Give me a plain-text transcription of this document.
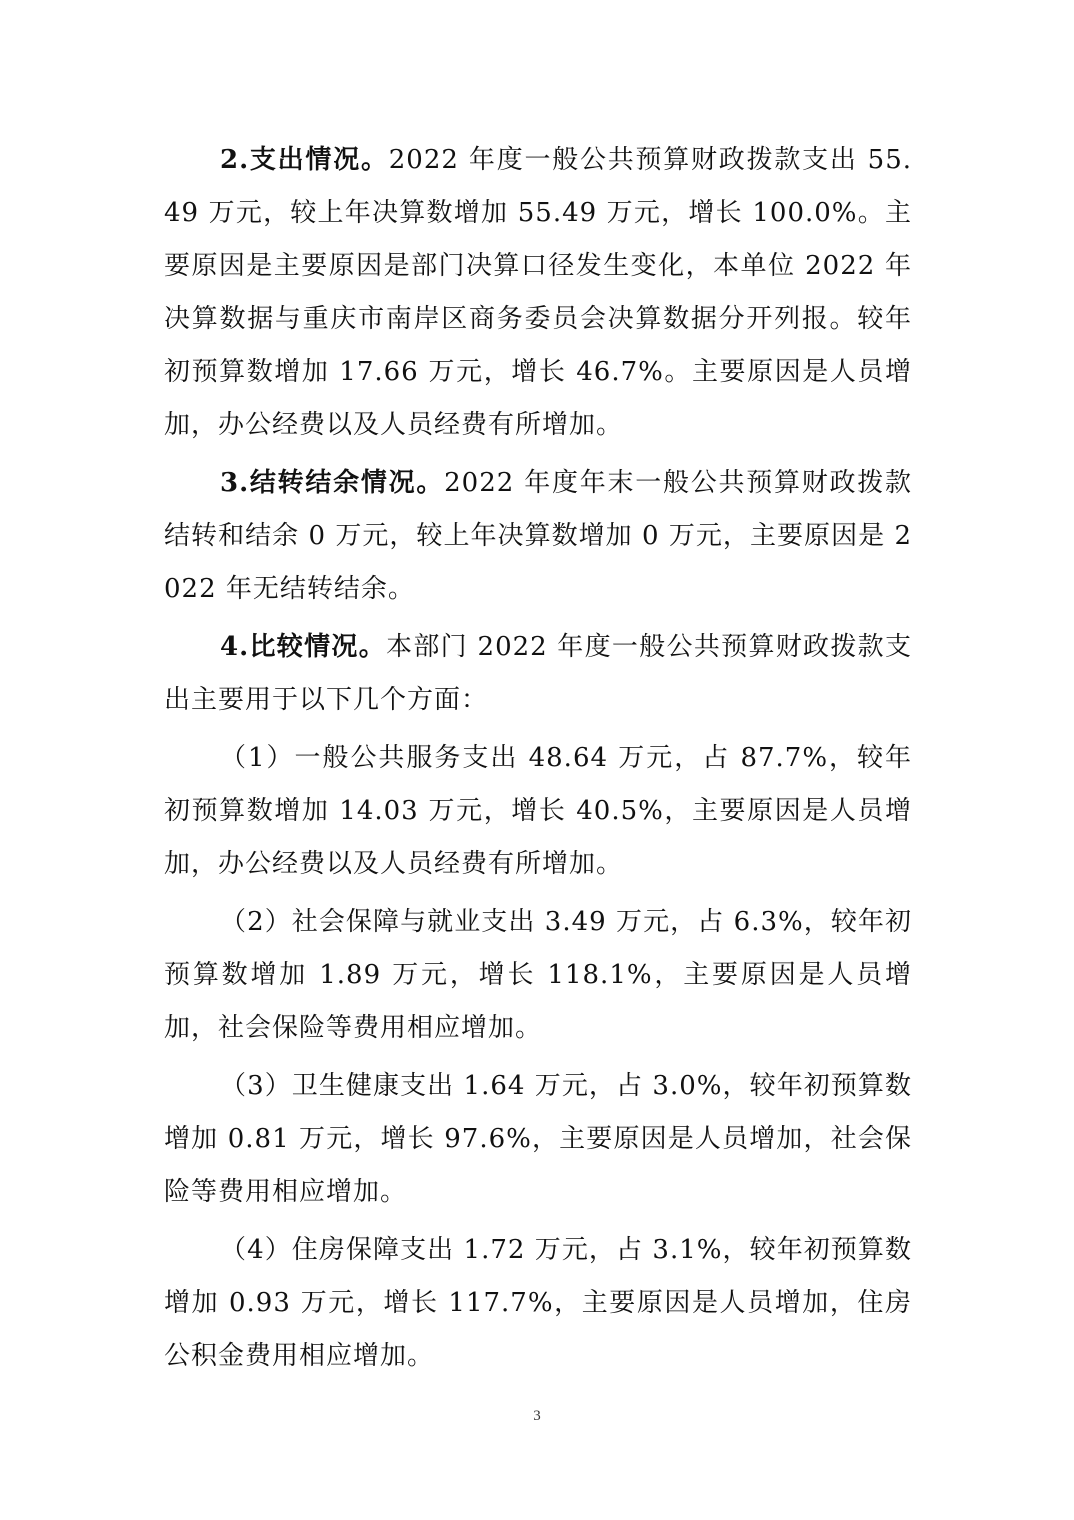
2.支出情况。2022 年度一般公共预算财政拨款支出 55.49 万元，较上年决算数增加 55.49 万元，增长 100.0%。主要原因是主要原因是部门决算口径发生变化，本单位 2022 年决算数据与重庆市南岸区商务委员会决算数据分开列报。较年初预算数增加 17.66 万元，增长 46.7%。主要原因是人员增加，办公经费以及人员经费有所增加。

3.结转结余情况。2022 年度年末一般公共预算财政拨款结转和结余 0 万元，较上年决算数增加 0 万元，主要原因是 2022 年无结转结余。

4.比较情况。本部门 2022 年度一般公共预算财政拨款支出主要用于以下几个方面：

（1）一般公共服务支出 48.64 万元，占 87.7%，较年初预算数增加 14.03 万元，增长 40.5%，主要原因是人员增加，办公经费以及人员经费有所增加。

（2）社会保障与就业支出 3.49 万元，占 6.3%，较年初预算数增加 1.89 万元，增长 118.1%，主要原因是人员增加，社会保险等费用相应增加。

（3）卫生健康支出 1.64 万元，占 3.0%，较年初预算数增加 0.81 万元，增长 97.6%，主要原因是人员增加，社会保险等费用相应增加。

（4）住房保障支出 1.72 万元，占 3.1%，较年初预算数增加 0.93 万元，增长 117.7%，主要原因是人员增加，住房公积金费用相应增加。

3
